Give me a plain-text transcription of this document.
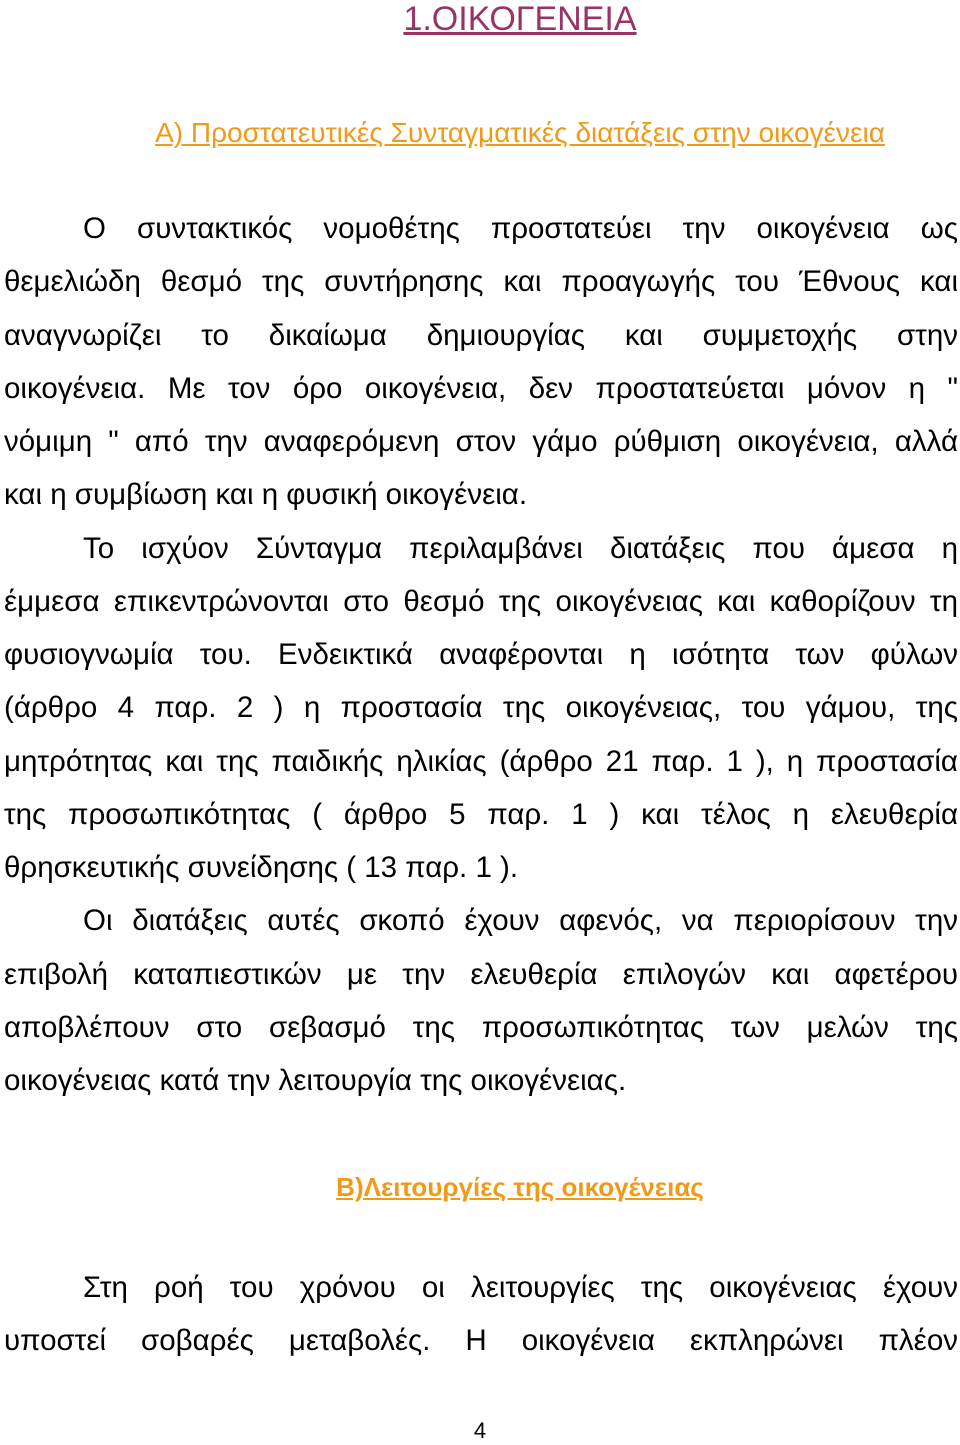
1.ΟΙΚΟΓΕΝΕΙΑ
Α) Προστατευτικές Συνταγματικές διατάξεις στην οικογένεια
Ο συντακτικός νομοθέτης προστατεύει την οικογένεια ως
θεμελιώδη θεσμό της συντήρησης και προαγωγής του Έθνους και
αναγνωρίζει το δικαίωμα δημιουργίας και συμμετοχής στην
οικογένεια. Με τον όρο οικογένεια, δεν προστατεύεται μόνον η "
νόμιμη " από την αναφερόμενη στον γάμο ρύθμιση οικογένεια, αλλά
και η συμβίωση και η φυσική οικογένεια.
Το ισχύον Σύνταγμα περιλαμβάνει διατάξεις που άμεσα η
έμμεσα επικεντρώνονται στο θεσμό της οικογένειας και καθορίζουν τη
φυσιογνωμία του. Ενδεικτικά αναφέρονται η ισότητα των φύλων
(άρθρο 4 παρ. 2 ) η προστασία της οικογένειας, του γάμου, της
μητρότητας και της παιδικής ηλικίας (άρθρο 21 παρ. 1 ), η προστασία
της προσωπικότητας ( άρθρο 5 παρ. 1 ) και τέλος η ελευθερία
θρησκευτικής συνείδησης ( 13 παρ. 1 ).
Οι διατάξεις αυτές σκοπό έχουν αφενός, να περιορίσουν την
επιβολή καταπιεστικών με την ελευθερία επιλογών και αφετέρου
αποβλέπουν στο σεβασμό της προσωπικότητας των μελών της
οικογένειας κατά την λειτουργία της οικογένειας.
Β)Λειτουργίες της οικογένειας
Στη ροή του χρόνου οι λειτουργίες της οικογένειας έχουν
υποστεί σοβαρές μεταβολές. Η οικογένεια εκπληρώνει πλέον
4
